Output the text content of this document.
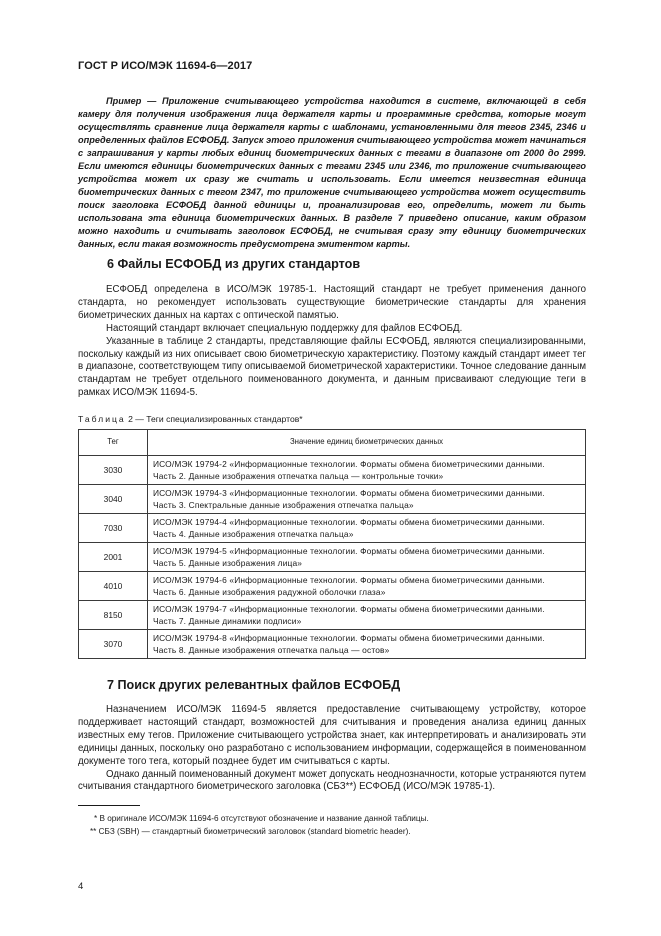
ГОСТ Р ИСО/МЭК 11694-6—2017

Пример — Приложение считывающего устройства находится в системе, включающей в себя камеру для получения изображения лица держателя карты и программные средства, которые могут осуществлять сравнение лица держателя карты с шаблонами, установленными для тегов 2345, 2346 и определенных файлов ЕСФОБД. Запуск этого приложения считывающего устройства может начинаться с запрашивания у карты любых единиц биометрических данных с тегами в диапазоне от 2000 до 2999. Если имеются единицы биометрических данных с тегами 2345 или 2346, то приложение считывающего устройства может их сразу же считать и использовать. Если имеется неизвестная единица биометрических данных с тегом 2347, то приложение считывающего устройства может осуществить поиск заголовка ЕСФОБД данной единицы и, проанализировав его, определить, может ли быть использована эта единица биометрических данных. В разделе 7 приведено описание, каким образом можно находить и считывать заголовок ЕСФОБД, не считывая сразу эту единицу биометрических данных, если такая возможность предусмотрена эмитентом карты.

6 Файлы ЕСФОБД из других стандартов

ЕСФОБД определена в ИСО/МЭК 19785-1. Настоящий стандарт не требует применения данного стандарта, но рекомендует использовать существующие биометрические стандарты для хранения биометрических данных на картах с оптической памятью.

Настоящий стандарт включает специальную поддержку для файлов ЕСФОБД.

Указанные в таблице 2 стандарты, представляющие файлы ЕСФОБД, являются специализированными, поскольку каждый из них описывает свою биометрическую характеристику. Поэтому каждый стандарт имеет тег в диапазоне, соответствующем типу описываемой биометрической характеристики. Точное следование данным стандартам не требует отдельного поименованного документа, и данным присваивают следующие теги в рамках ИСО/МЭК 11694-5.

Таблица 2 — Теги специализированных стандартов*
Тег	Значение единиц биометрических данных
3030	ИСО/МЭК 19794-2 «Информационные технологии. Форматы обмена биометрическими данными.
Часть 2. Данные изображения отпечатка пальца — контрольные точки»

3040	ИСО/МЭК 19794-3 «Информационные технологии. Форматы обмена биометрическими данными.
Часть 3. Спектральные данные изображения отпечатка пальца»

7030	ИСО/МЭК 19794-4 «Информационные технологии. Форматы обмена биометрическими данными.
Часть 4. Данные изображения отпечатка пальца»

2001	ИСО/МЭК 19794-5 «Информационные технологии. Форматы обмена биометрическими данными.
Часть 5. Данные изображения лица»

4010	ИСО/МЭК 19794-6 «Информационные технологии. Форматы обмена биометрическими данными.
Часть 6. Данные изображения радужной оболочки глаза»

8150	ИСО/МЭК 19794-7 «Информационные технологии. Форматы обмена биометрическими данными.
Часть 7. Данные динамики подписи»

3070	ИСО/МЭК 19794-8 «Информационные технологии. Форматы обмена биометрическими данными.
Часть 8. Данные изображения отпечатка пальца — остов»
7 Поиск других релевантных файлов ЕСФОБД

Назначением ИСО/МЭК 11694-5 является предоставление считывающему устройству, которое поддерживает настоящий стандарт, возможностей для считывания и проведения анализа единиц данных известных ему тегов. Приложение считывающего устройства знает, как интерпретировать и анализировать эти единицы данных, поскольку оно разработано с использованием информации, содержащейся в поименованном документе того тега, который позднее будет им считываться с карты.

Однако данный поименованный документ может допускать неоднозначности, которые устраняются путем считывания стандартного биометрического заголовка (СБЗ**) ЕСФОБД (ИСО/МЭК 19785-1).

* В оригинале ИСО/МЭК 11694-6 отсутствуют обозначение и название данной таблицы.
** СБЗ (SBH) — стандартный биометрический заголовок (standard biometric header).
4
